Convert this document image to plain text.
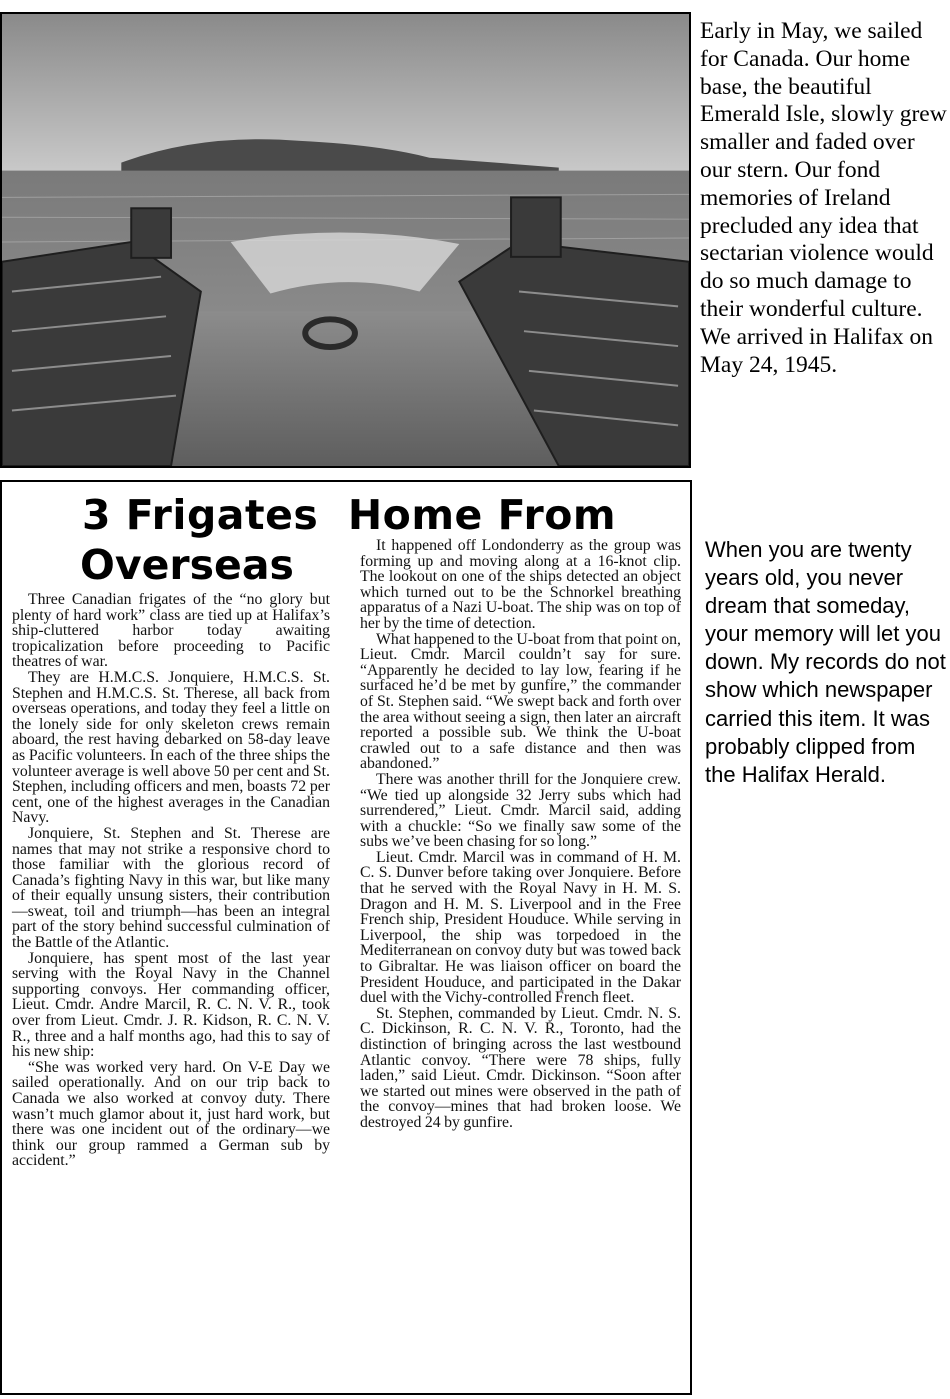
Early in May, we sailed for Canada. Our home base, the beautiful Emerald Isle, slowly grew smaller and faded over our stern. Our fond memories of Ireland precluded any idea that sectarian violence would do so much damage to their wonderful culture. We arrived in Halifax on May 24, 1945.
3 Frigates  Home From
Overseas

Three Canadian frigates of the “no glory but plenty of hard work” class are tied up at Halifax’s ship-cluttered harbor today awaiting tropicalization before proceeding to Pacific theatres of war.

They are H.M.C.S. Jonquiere, H.M.C.S. St. Stephen and H.M.C.S. St. Therese, all back from overseas operations, and today they feel a little on the lonely side for only skeleton crews remain aboard, the rest having debarked on 58-day leave as Pacific volunteers. In each of the three ships the volunteer average is well above 50 per cent and St. Stephen, including officers and men, boasts 72 per cent, one of the highest averages in the Canadian Navy.

Jonquiere, St. Stephen and St. Therese are names that may not strike a responsive chord to those familiar with the glorious record of Canada’s fighting Navy in this war, but like many of their equally unsung sisters, their contribution—sweat, toil and triumph—has been an integral part of the story behind successful culmination of the Battle of the Atlantic.

Jonquiere, has spent most of the last year serving with the Royal Navy in the Channel supporting convoys. Her commanding officer, Lieut. Cmdr. Andre Marcil, R. C. N. V. R., took over from Lieut. Cmdr. J. R. Kidson, R. C. N. V. R., three and a half months ago, had this to say of his new ship:

“She was worked very hard. On V-E Day we sailed operationally. And on our trip back to Canada we also worked at convoy duty. There wasn’t much glamor about it, just hard work, but there was one incident out of the ordinary—we think our group rammed a German sub by accident.”

It happened off Londonderry as the group was forming up and moving along at a 16-knot clip. The lookout on one of the ships detected an object which turned out to be the Schnorkel breathing apparatus of a Nazi U-boat. The ship was on top of her by the time of detection.

What happened to the U-boat from that point on, Lieut. Cmdr. Marcil couldn’t say for sure. “Apparently he decided to lay low, fearing if he surfaced he’d be met by gunfire,” the commander of St. Stephen said. “We swept back and forth over the area without seeing a sign, then later an aircraft reported a possible sub. We think the U-boat crawled out to a safe distance and then was abandoned.”

There was another thrill for the Jonquiere crew. “We tied up alongside 32 Jerry subs which had surrendered,” Lieut. Cmdr. Marcil said, adding with a chuckle: “So we finally saw some of the subs we’ve been chasing for so long.”

Lieut. Cmdr. Marcil was in command of H. M. C. S. Dunver before taking over Jonquiere. Before that he served with the Royal Navy in H. M. S. Dragon and H. M. S. Liverpool and in the Free French ship, President Houduce. While serving in Liverpool, the ship was torpedoed in the Mediterranean on convoy duty but was towed back to Gibraltar. He was liaison officer on board the President Houduce, and participated in the Dakar duel with the Vichy-controlled French fleet.

St. Stephen, commanded by Lieut. Cmdr. N. S. C. Dickinson, R. C. N. V. R., Toronto, had the distinction of bringing across the last westbound Atlantic convoy. “There were 78 ships, fully laden,” said Lieut. Cmdr. Dickinson. “Soon after we started out mines were observed in the path of the convoy—mines that had broken loose. We destroyed 24 by gunfire.

When you are twenty years old, you never dream that someday, your memory will let you down. My records do not show which newspaper carried this item. It was probably clipped from the Halifax Herald.
